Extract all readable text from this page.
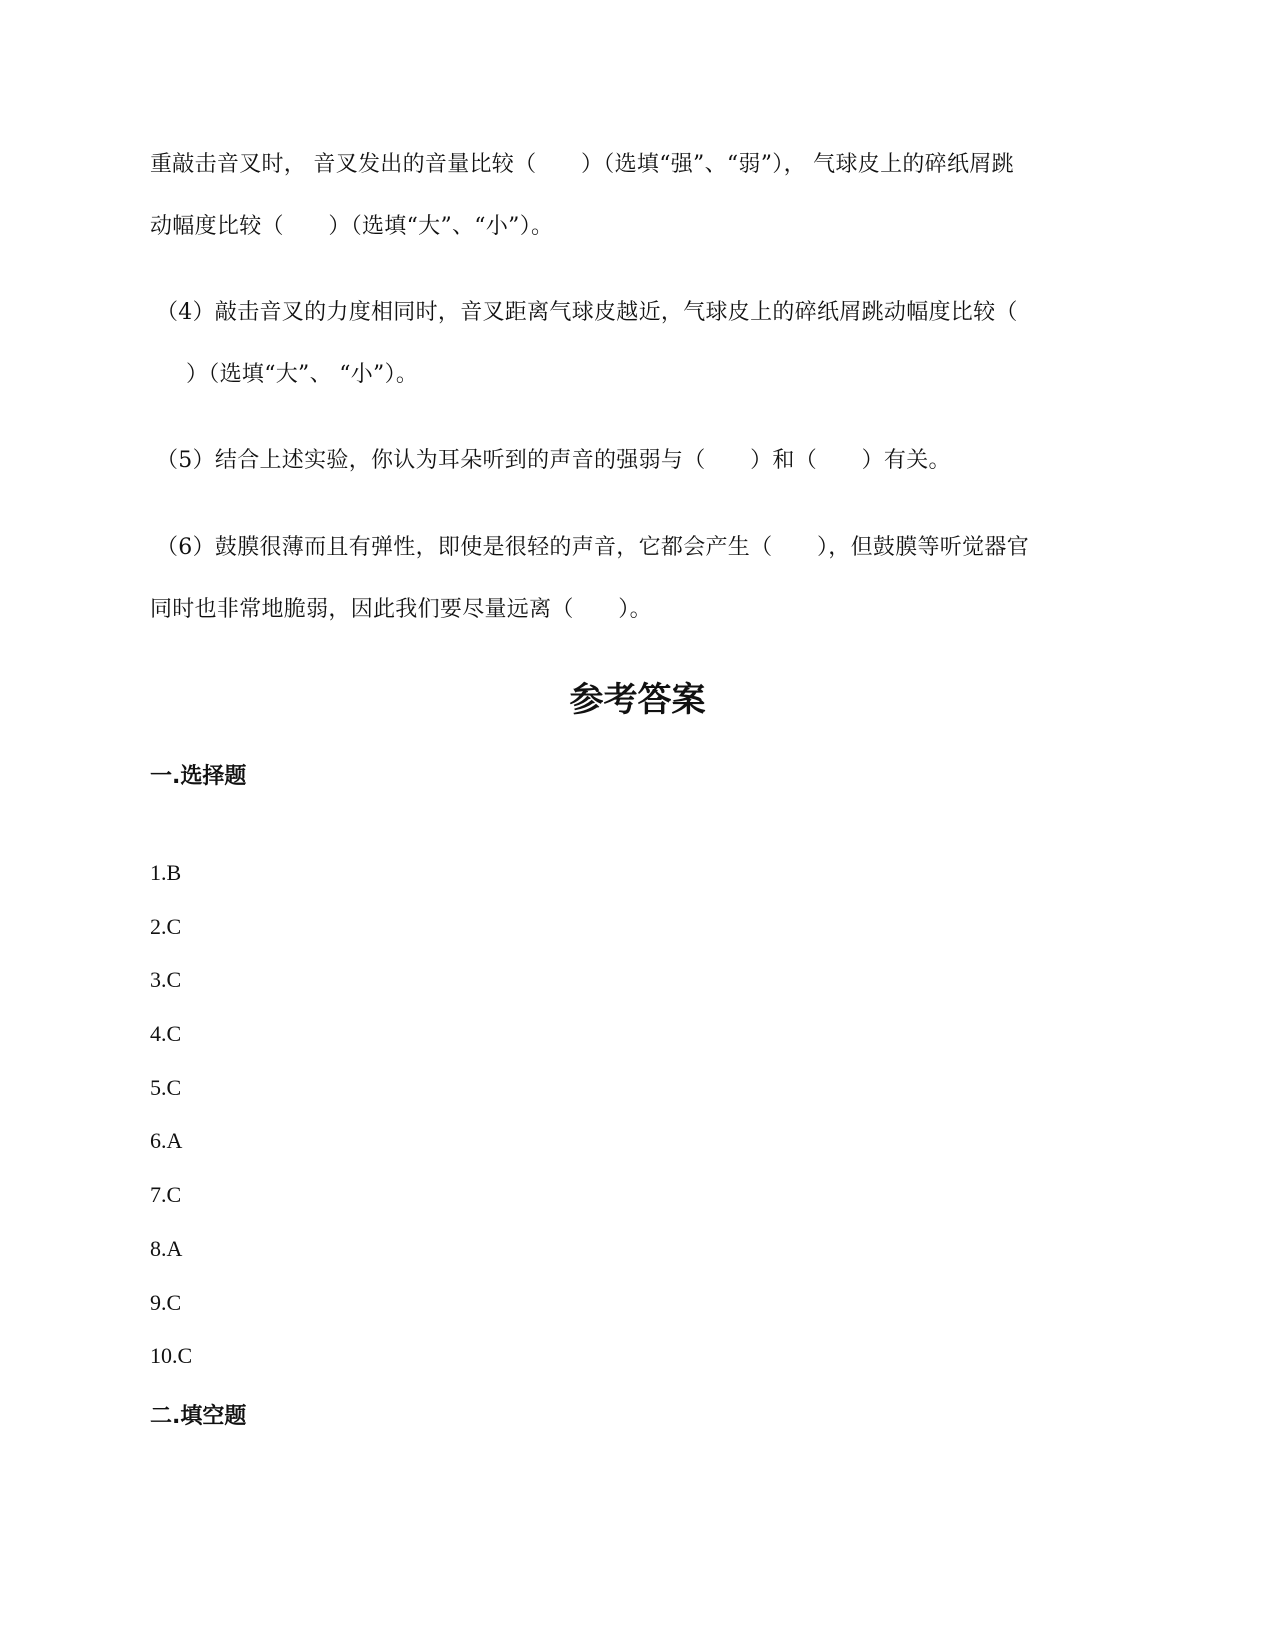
重敲击音叉时， 音叉发出的音量比较（　　）（选填“强”、“弱”）， 气球皮上的碎纸屑跳
动幅度比较（　　）（选填“大”、“小”）。
（4）敲击音叉的力度相同时，音叉距离气球皮越近，气球皮上的碎纸屑跳动幅度比较（
）（选填“大”、 “小”）。
（5）结合上述实验，你认为耳朵听到的声音的强弱与（　　）和（　　）有关。
（6）鼓膜很薄而且有弹性，即使是很轻的声音，它都会产生（　　），但鼓膜等听觉器官
同时也非常地脆弱，因此我们要尽量远离（　　）。
参考答案
一.选择题
1.B
2.C
3.C
4.C
5.C
6.A
7.C
8.A
9.C
10.C
二.填空题
